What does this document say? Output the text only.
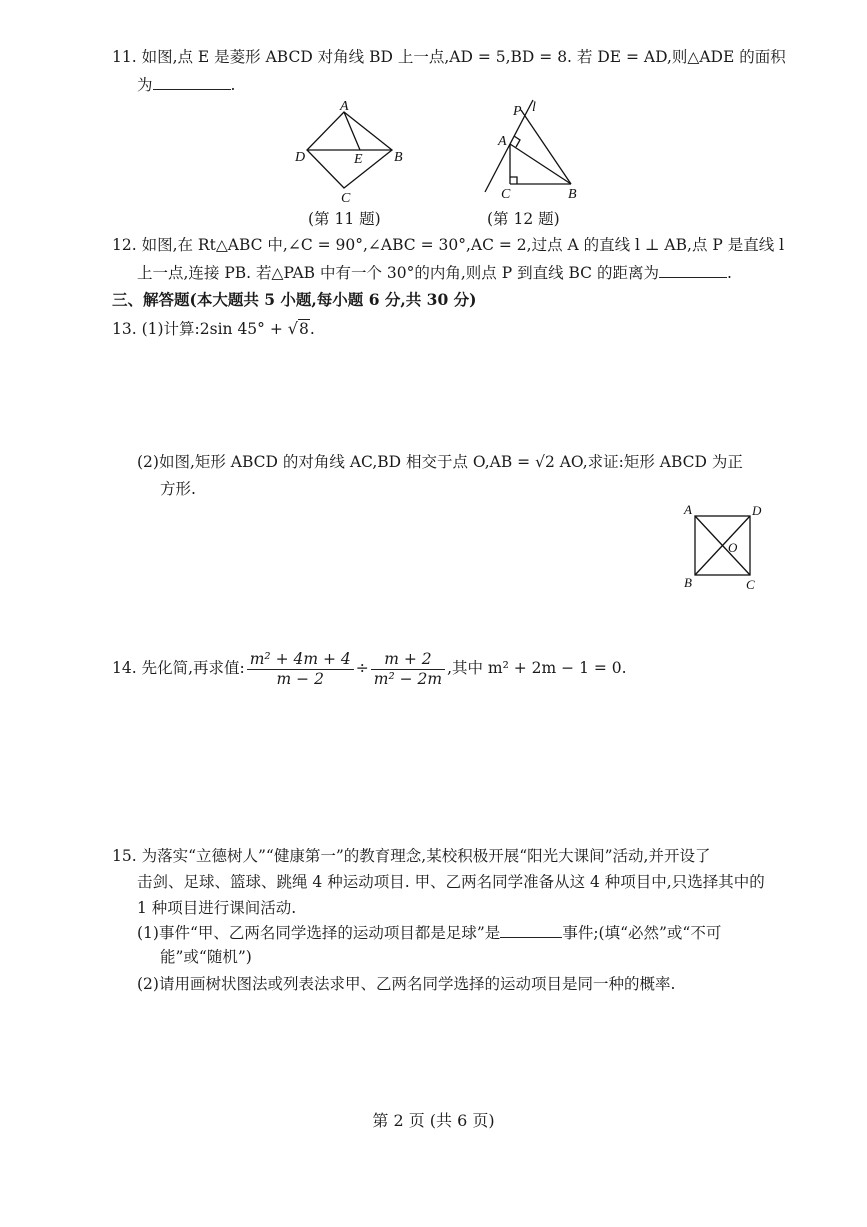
11. 如图,点 E 是菱形 ABCD 对角线 BD 上一点,AD = 5,BD = 8. 若 DE = AD,则△ADE 的面积
为	.
A
B
C
D	E
(第 11 题)
P l
A
C	B
(第 12 题)
12. 如图,在 Rt△ABC 中,∠C = 90°,∠ABC = 30°,AC = 2,过点 A 的直线 l ⊥ AB,点 P 是直线 l
上一点,连接 PB. 若△PAB 中有一个 30°的内角,则点 P 到直线 BC 的距离为	.
三、解答题(本大题共 5 小题,每小题 6 分,共 30 分)
13. (1)计算:2sin 45° + √8.
(2)如图,矩形 ABCD 的对角线 AC,BD 相交于点 O,AB = √2 AO,求证:矩形 ABCD 为正
方形.
A	D
O
B	C
14. 先化简,再求值: $\frac{\text{m² + 4m + 4}}{m - 2} \div \frac{m + 2}{\text{m² − 2m}}$ ,其中 m² + 2m − 1 = 0.
15. 为落实“立德树人”“健康第一”的教育理念,某校积极开展“阳光大课间”活动,并开设了
击剑、足球、篮球、跳绳 4 种运动项目. 甲、乙两名同学准备从这 4 种项目中,只选择其中的
1 种项目进行课间活动.
(1)事件“甲、乙两名同学选择的运动项目都是足球”是	事件;(填“必然”或“不可
能”或“随机”)
(2)请用画树状图法或列表法求甲、乙两名同学选择的运动项目是同一种的概率.
第 2 页 (共 6 页)
